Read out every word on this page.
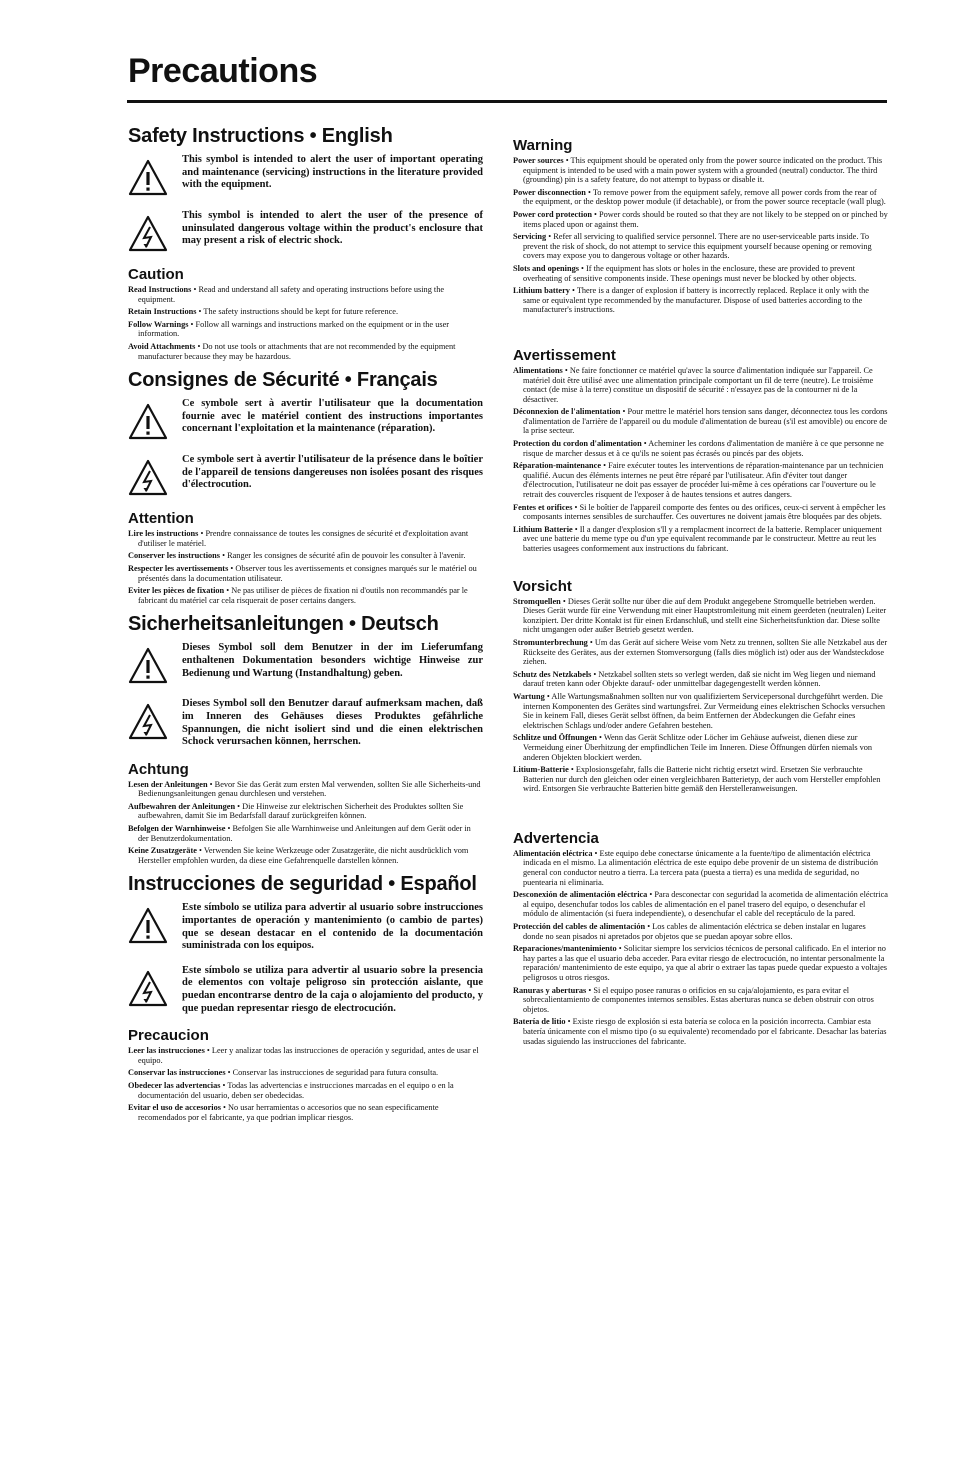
Precautions
Safety Instructions • English
This symbol is intended to alert the user of important operating and maintenance (servicing) instructions in the literature provided with the equipment.
This symbol is intended to alert the user of the presence of uninsulated dangerous voltage within the product's enclosure that may present a risk of electric shock.
Caution
Read Instructions • Read and understand all safety and operating instructions before using the equipment.
Retain Instructions • The safety instructions should be kept for future reference.
Follow Warnings • Follow all warnings and instructions marked on the equipment or in the user information.
Avoid Attachments • Do not use tools or attachments that are not recommended by the equipment manufacturer because they may be hazardous.
Consignes de Sécurité • Français
Ce symbole sert à avertir l'utilisateur que la documentation fournie avec le matériel contient des instructions importantes concernant l'exploitation et la maintenance (réparation).
Ce symbole sert à avertir l'utilisateur de la présence dans le boîtier de l'appareil de tensions dangereuses non isolées posant des risques d'électrocution.
Attention
Lire les instructions • Prendre connaissance de toutes les consignes de sécurité et d'exploitation avant d'utiliser le matériel.
Conserver les instructions • Ranger les consignes de sécurité afin de pouvoir les consulter à l'avenir.
Respecter les avertissements • Observer tous les avertissements et consignes marqués sur le matériel ou présentés dans la documentation utilisateur.
Eviter les pièces de fixation • Ne pas utiliser de pièces de fixation ni d'outils non recommandés par le fabricant du matériel car cela risquerait de poser certains dangers.
Sicherheitsanleitungen • Deutsch
Dieses Symbol soll dem Benutzer in der im Lieferumfang enthaltenen Dokumentation besonders wichtige Hinweise zur Bedienung und Wartung (Instandhaltung) geben.
Dieses Symbol soll den Benutzer darauf aufmerksam machen, daß im Inneren des Gehäuses dieses Produktes gefährliche Spannungen, die nicht isoliert sind und die einen elektrischen Schock verursachen können, herrschen.
Achtung
Lesen der Anleitungen • Bevor Sie das Gerät zum ersten Mal verwenden, sollten Sie alle Sicherheits-und Bedienungsanleitungen genau durchlesen und verstehen.
Aufbewahren der Anleitungen • Die Hinweise zur elektrischen Sicherheit des Produktes sollten Sie aufbewahren, damit Sie im Bedarfsfall darauf zurückgreifen können.
Befolgen der Warnhinweise • Befolgen Sie alle Warnhinweise und Anleitungen auf dem Gerät oder in der Benutzerdokumentation.
Keine Zusatzgeräte • Verwenden Sie keine Werkzeuge oder Zusatzgeräte, die nicht ausdrücklich vom Hersteller empfohlen wurden, da diese eine Gefahrenquelle darstellen können.
Instrucciones de seguridad • Español
Este símbolo se utiliza para advertir al usuario sobre instrucciones importantes de operación y mantenimiento (o cambio de partes) que se desean destacar en el contenido de la documentación suministrada con los equipos.
Este símbolo se utiliza para advertir al usuario sobre la presencia de elementos con voltaje peligroso sin protección aislante, que puedan encontrarse dentro de la caja o alojamiento del producto, y que puedan representar riesgo de electrocución.
Precaucion
Leer las instrucciones • Leer y analizar todas las instrucciones de operación y seguridad, antes de usar el equipo.
Conservar las instrucciones • Conservar las instrucciones de seguridad para futura consulta.
Obedecer las advertencias • Todas las advertencias e instrucciones marcadas en el equipo o en la documentación del usuario, deben ser obedecidas.
Evitar el uso de accesorios • No usar herramientas o accesorios que no sean especificamente recomendados por el fabricante, ya que podrian implicar riesgos.
Warning
Power sources • This equipment should be operated only from the power source indicated on the product. This equipment is intended to be used with a main power system with a grounded (neutral) conductor. The third (grounding) pin is a safety feature, do not attempt to bypass or disable it.
Power disconnection • To remove power from the equipment safely, remove all power cords from the rear of the equipment, or the desktop power module (if detachable), or from the power source receptacle (wall plug).
Power cord protection • Power cords should be routed so that they are not likely to be stepped on or pinched by items placed upon or against them.
Servicing • Refer all servicing to qualified service personnel. There are no user-serviceable parts inside. To prevent the risk of shock, do not attempt to service this equipment yourself because opening or removing covers may expose you to dangerous voltage or other hazards.
Slots and openings • If the equipment has slots or holes in the enclosure, these are provided to prevent overheating of sensitive components inside. These openings must never be blocked by other objects.
Lithium battery • There is a danger of explosion if battery is incorrectly replaced. Replace it only with the same or equivalent type recommended by the manufacturer. Dispose of used batteries according to the manufacturer's instructions.
Avertissement
Alimentations • Ne faire fonctionner ce matériel qu'avec la source d'alimentation indiquée sur l'appareil. Ce matériel doit être utilisé avec une alimentation principale comportant un fil de terre (neutre). Le troisième contact (de mise à la terre) constitue un dispositif de sécurité : n'essayez pas de la contourner ni de la désactiver.
Déconnexion de l'alimentation • Pour mettre le matériel hors tension sans danger, déconnectez tous les cordons d'alimentation de l'arrière de l'appareil ou du module d'alimentation de bureau (s'il est amovible) ou encore de la prise secteur.
Protection du cordon d'alimentation • Acheminer les cordons d'alimentation de manière à ce que personne ne risque de marcher dessus et à ce qu'ils ne soient pas écrasés ou pincés par des objets.
Réparation-maintenance • Faire exécuter toutes les interventions de réparation-maintenance par un technicien qualifié. Aucun des éléments internes ne peut être réparé par l'utilisateur. Afin d'éviter tout danger d'électrocution, l'utilisateur ne doit pas essayer de procéder lui-même à ces opérations car l'ouverture ou le retrait des couvercles risquent de l'exposer à de hautes tensions et autres dangers.
Fentes et orifices • Si le boîtier de l'appareil comporte des fentes ou des orifices, ceux-ci servent à empêcher les composants internes sensibles de surchauffer. Ces ouvertures ne doivent jamais être bloquées par des objets.
Lithium Batterie • Il a danger d'explosion s'll y a remplacment incorrect de la batterie. Remplacer uniquement avec une batterie du meme type ou d'un ype equivalent recommande par le constructeur. Mettre au reut les batteries usagees conformement aux instructions du fabricant.
Vorsicht
Stromquellen • Dieses Gerät sollte nur über die auf dem Produkt angegebene Stromquelle betrieben werden. Dieses Gerät wurde für eine Verwendung mit einer Hauptstromleitung mit einem geerdeten (neutralen) Leiter konzipiert. Der dritte Kontakt ist für einen Erdanschluß, und stellt eine Sicherheitsfunktion dar. Diese sollte nicht umgangen oder außer Betrieb gesetzt werden.
Stromunterbrechung • Um das Gerät auf sichere Weise vom Netz zu trennen, sollten Sie alle Netzkabel aus der Rückseite des Gerätes, aus der externen Stomversorgung (falls dies möglich ist) oder aus der Wandsteckdose ziehen.
Schutz des Netzkabels • Netzkabel sollten stets so verlegt werden, daß sie nicht im Weg liegen und niemand darauf treten kann oder Objekte darauf- oder unmittelbar dagegengestellt werden können.
Wartung • Alle Wartungsmaßnahmen sollten nur von qualifiziertem Servicepersonal durchgeführt werden. Die internen Komponenten des Gerätes sind wartungsfrei. Zur Vermeidung eines elektrischen Schocks versuchen Sie in keinem Fall, dieses Gerät selbst öffnen, da beim Entfernen der Abdeckungen die Gefahr eines elektrischen Schlags und/oder andere Gefahren bestehen.
Schlitze und Öffnungen • Wenn das Gerät Schlitze oder Löcher im Gehäuse aufweist, dienen diese zur Vermeidung einer Überhitzung der empfindlichen Teile im Inneren. Diese Öffnungen dürfen niemals von anderen Objekten blockiert werden.
Litium-Batterie • Explosionsgefahr, falls die Batterie nicht richtig ersetzt wird. Ersetzen Sie verbrauchte Batterien nur durch den gleichen oder einen vergleichbaren Batterietyp, der auch vom Hersteller empfohlen wird. Entsorgen Sie verbrauchte Batterien bitte gemäß den Herstelleranweisungen.
Advertencia
Alimentación eléctrica • Este equipo debe conectarse únicamente a la fuente/tipo de alimentación eléctrica indicada en el mismo. La alimentación eléctrica de este equipo debe provenir de un sistema de distribución general con conductor neutro a tierra. La tercera pata (puesta a tierra) es una medida de seguridad, no puentearia ni eliminaria.
Desconexión de alimentación eléctrica • Para desconectar con seguridad la acometida de alimentación eléctrica al equipo, desenchufar todos los cables de alimentación en el panel trasero del equipo, o desenchufar el módulo de alimentación (si fuera independiente), o desenchufar el cable del receptáculo de la pared.
Protección del cables de alimentación • Los cables de alimentación eléctrica se deben instalar en lugares donde no sean pisados ni apretados por objetos que se puedan apoyar sobre ellos.
Reparaciones/mantenimiento • Solicitar siempre los servicios técnicos de personal calificado. En el interior no hay partes a las que el usuario deba acceder. Para evitar riesgo de electrocución, no intentar personalmente la reparación/ mantenimiento de este equipo, ya que al abrir o extraer las tapas puede quedar expuesto a voltajes peligrosos u otros riesgos.
Ranuras y aberturas • Si el equipo posee ranuras o orificios en su caja/alojamiento, es para evitar el sobrecalientamiento de componentes internos sensibles. Estas aberturas nunca se deben obstruir con otros objetos.
Batería de litio • Existe riesgo de explosión si esta batería se coloca en la posición incorrecta. Cambiar esta batería únicamente con el mismo tipo (o su equivalente) recomendado por el fabricante. Desachar las baterías usadas siguiendo las instrucciones del fabricante.
